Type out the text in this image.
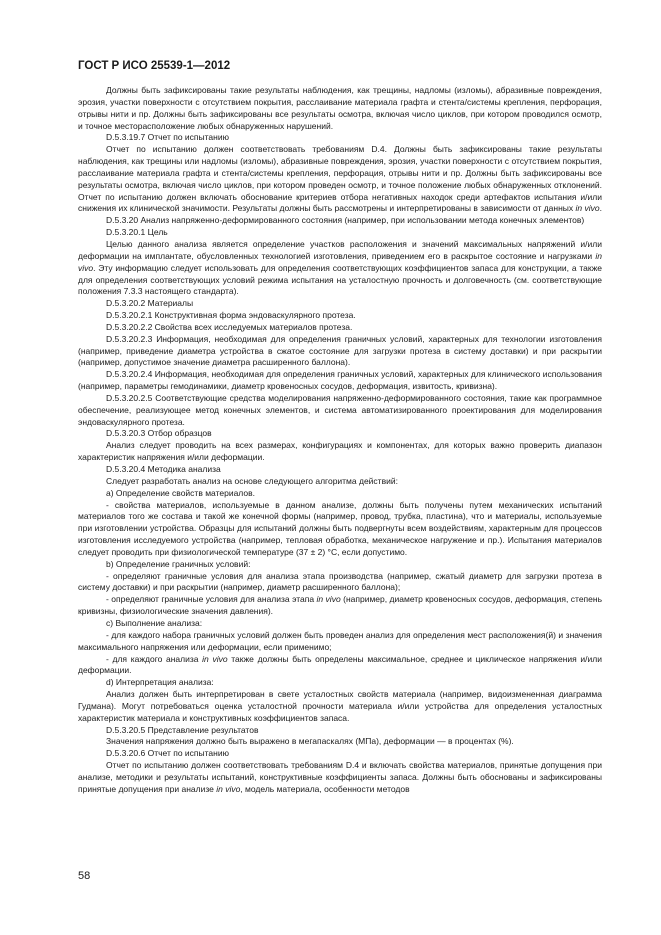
ГОСТ Р ИСО 25539-1—2012

Должны быть зафиксированы такие результаты наблюдения, как трещины, надломы (изломы), абразивные повреждения, эрозия, участки поверхности с отсутствием покрытия, расслаивание материала графта и стента/системы крепления, перфорация, отрывы нити и пр. Должны быть зафиксированы все результаты осмотра, включая число циклов, при котором проводился осмотр, и точное месторасположение любых обнаруженных нарушений.

D.5.3.19.7 Отчет по испытанию

Отчет по испытанию должен соответствовать требованиям D.4. Должны быть зафиксированы такие результаты наблюдения, как трещины или надломы (изломы), абразивные повреждения, эрозия, участки поверхности с отсутствием покрытия, расслаивание материала графта и стента/системы крепления, перфорация, отрывы нити и пр. Должны быть зафиксированы все результаты осмотра, включая число циклов, при котором проведен осмотр, и точное положение любых обнаруженных отклонений. Отчет по испытанию должен включать обоснование критериев отбора негативных находок среди артефактов испытания и/или снижения их клинической значимости. Результаты должны быть рассмотрены и интерпретированы в зависимости от данных in vivo.

D.5.3.20 Анализ напряженно-деформированного состояния (например, при использовании метода конечных элементов)

D.5.3.20.1 Цель

Целью данного анализа является определение участков расположения и значений максимальных напряжений и/или деформации на имплантате, обусловленных технологией изготовления, приведением его в раскрытое состояние и нагрузками in vivo. Эту информацию следует использовать для определения соответствующих коэффициентов запаса для конструкции, а также для определения соответствующих условий режима испытания на усталостную прочность и долговечность (см. соответствующие положения 7.3.3 настоящего стандарта).

D.5.3.20.2 Материалы

D.5.3.20.2.1 Конструктивная форма эндоваскулярного протеза.

D.5.3.20.2.2 Свойства всех исследуемых материалов протеза.

D.5.3.20.2.3 Информация, необходимая для определения граничных условий, характерных для технологии изготовления (например, приведение диаметра устройства в сжатое состояние для загрузки протеза в систему доставки) и при раскрытии (например, допустимое значение диаметра расширенного баллона).

D.5.3.20.2.4 Информация, необходимая для определения граничных условий, характерных для клинического использования (например, параметры гемодинамики, диаметр кровеносных сосудов, деформация, извитость, кривизна).

D.5.3.20.2.5 Соответствующие средства моделирования напряженно-деформированного состояния, такие как программное обеспечение, реализующее метод конечных элементов, и система автоматизированного проектирования для моделирования эндоваскулярного протеза.

D.5.3.20.3 Отбор образцов

Анализ следует проводить на всех размерах, конфигурациях и компонентах, для которых важно проверить диапазон характеристик напряжения и/или деформации.

D.5.3.20.4 Методика анализа

Следует разработать анализ на основе следующего алгоритма действий:

a) Определение свойств материалов.

- свойства материалов, используемые в данном анализе, должны быть получены путем механических испытаний материалов того же состава и такой же конечной формы (например, провод, трубка, пластина), что и материалы, используемые при изготовлении устройства. Образцы для испытаний должны быть подвергнуты всем воздействиям, характерным для процессов изготовления исследуемого устройства (например, тепловая обработка, механическое нагружение и пр.). Испытания материалов следует проводить при физиологической температуре (37 ± 2) °С, если допустимо.

b) Определение граничных условий:

- определяют граничные условия для анализа этапа производства (например, сжатый диаметр для загрузки протеза в систему доставки) и при раскрытии (например, диаметр расширенного баллона);

- определяют граничные условия для анализа этапа in vivo (например, диаметр кровеносных сосудов, деформация, степень кривизны, физиологические значения давления).

c) Выполнение анализа:

- для каждого набора граничных условий должен быть проведен анализ для определения мест расположения(й) и значения максимального напряжения или деформации, если применимо;

- для каждого анализа in vivo также должны быть определены максимальное, среднее и циклическое напряжения и/или деформации.

d) Интерпретация анализа:

Анализ должен быть интерпретирован в свете усталостных свойств материала (например, видоизмененная диаграмма Гудмана). Могут потребоваться оценка усталостной прочности материала и/или устройства для определения усталостных характеристик материала и конструктивных коэффициентов запаса.

D.5.3.20.5 Представление результатов

Значения напряжения должно быть выражено в мегапаскалях (МПа), деформации — в процентах (%).

D.5.3.20.6 Отчет по испытанию

Отчет по испытанию должен соответствовать требованиям D.4 и включать свойства материалов, принятые допущения при анализе, методики и результаты испытаний, конструктивные коэффициенты запаса. Должны быть обоснованы и зафиксированы принятые допущения при анализе in vivo, модель материала, особенности методов

58
